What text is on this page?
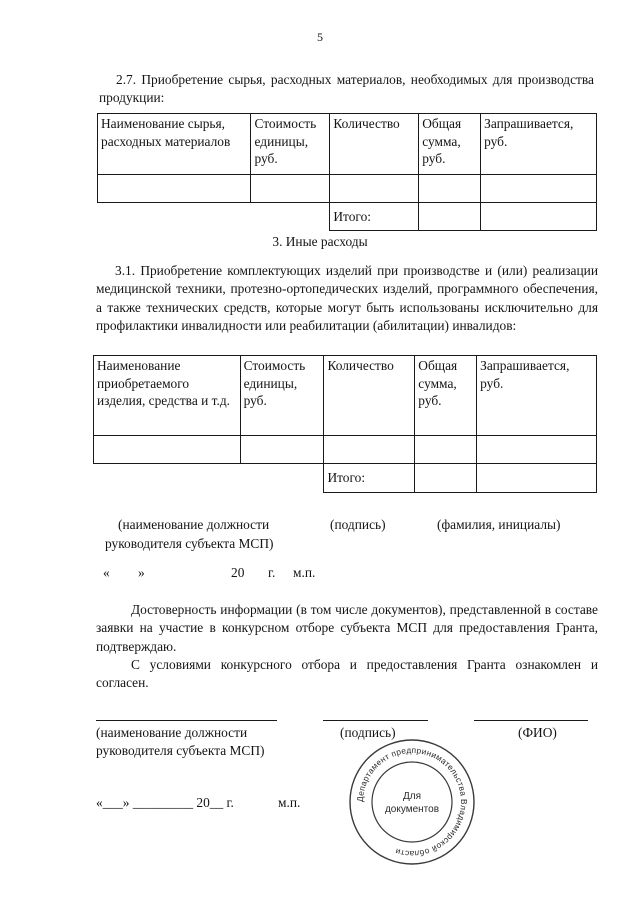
5
2.7. Приобретение сырья, расходных материалов, необходимых для производства продукции:
Наименование сырья, расходных материалов	Стоимость единицы, руб.	Количество	Общая сумма, руб.	Запрашивается, руб.

		Итого:		
3. Иные расходы
3.1. Приобретение комплектующих изделий при производстве и (или) реализации медицинской техники, протезно-ортопедических изделий, программного обеспечения, а также технических средств, которые могут быть использованы исключительно для профилактики инвалидности или реабилитации (абилитации) инвалидов:
Наименование приобретаемого изделия, средства и т.д.	Стоимость единицы, руб.	Количество	Общая сумма, руб.	Запрашивается, руб.

		Итого:		
(наименование должности	(подпись)	(фамилия, инициалы)
руководителя субъекта МСП)
« »	20 г. м.п.
Достоверность информации (в том числе документов), представленной в составе заявки на участие в конкурсном отборе субъекта МСП для предоставления Гранта, подтверждаю.
С условиями конкурсного отбора и предоставления Гранта ознакомлен и согласен.
(наименование должности
руководителя субъекта МСП)
(подпись)	(ФИО)
«___» _________ 20__ г.	м.п.	Департамент предпринимательства Владимирской области
Для
документов
